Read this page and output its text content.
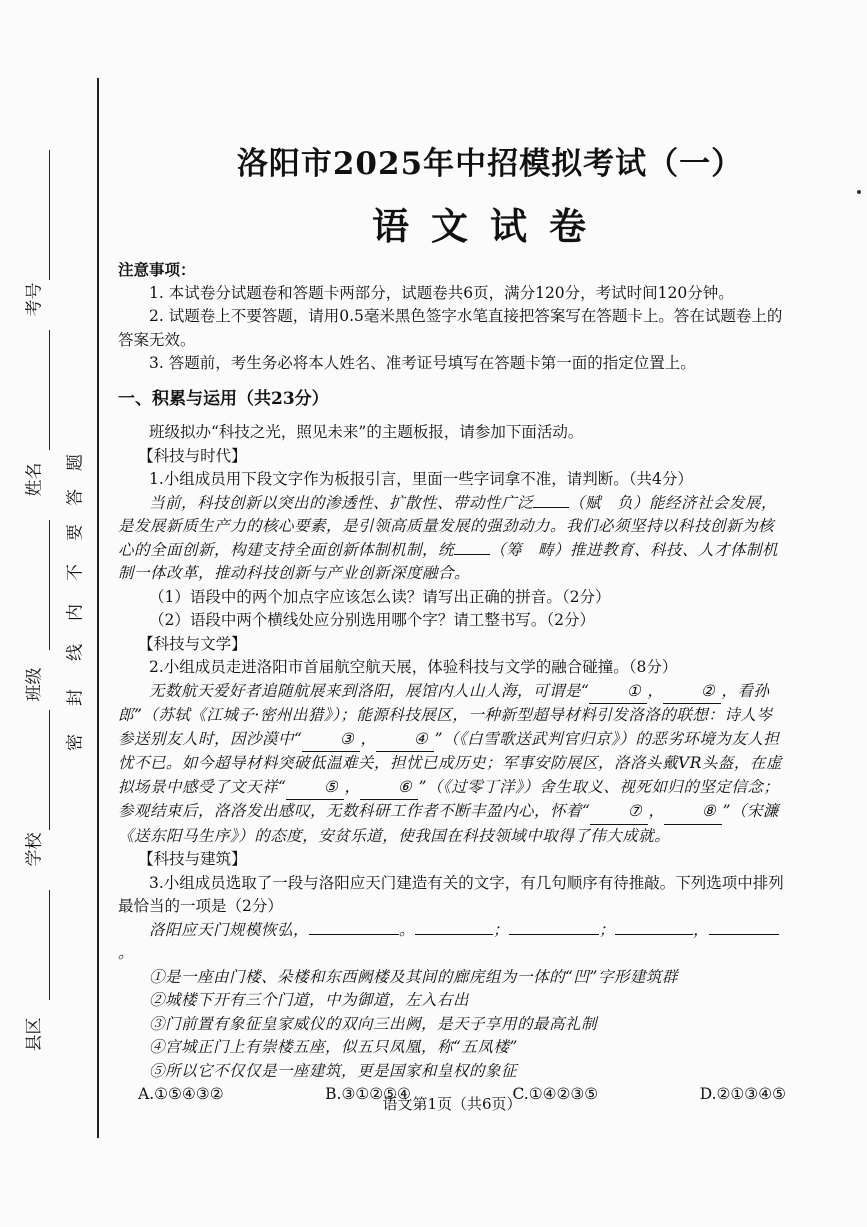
考号
姓名
班级
学校
县区
密
封
线
内
不
要
答
题
洛阳市2025年中招模拟考试（一）
语文试卷

注意事项：

1. 本试卷分试题卷和答题卡两部分，试题卷共6页，满分120分，考试时间120分钟。

2. 试题卷上不要答题，请用0.5毫米黑色签字水笔直接把答案写在答题卡上。答在试题卷上的答案无效。

3. 答题前，考生务必将本人姓名、准考证号填写在答题卡第一面的指定位置上。

一、积累与运用（共23分）

班级拟办“科技之光，照见未来”的主题板报，请参加下面活动。

【科技与时代】

1.小组成员用下段文字作为板报引言，里面一些字词拿不准，请判断。（共4分）

当前，科技创新以突出的渗透性、扩散性、带动性广泛 （赋　负）能经济社会发展，是发展新质生产力的核心要素，是引领高质量发展的强劲动力。我们必须坚持以科技创新为核心的全面创新，构建支持全面创新体制机制，统 （筹　畴）推进教育、科技、人才体制机制一体改革，推动科技创新与产业创新深度融合。

（1）语段中的两个加点字应该怎么读？请写出正确的拼音。（2分）

（2）语段中两个横线处应分别选用哪个字？请工整书写。（2分）

【科技与文学】

2.小组成员走进洛阳市首届航空航天展，体验科技与文学的融合碰撞。（8分）

无数航天爱好者追随航展来到洛阳，展馆内人山人海，可谓是“ ① ， ② ，看孙郎”（苏轼《江城子·密州出猎》）；能源科技展区，一种新型超导材料引发洛洛的联想：诗人岑参送别友人时，因沙漠中“ ③ ， ④ ”（《白雪歌送武判官归京》）的恶劣环境为友人担忧不已。如今超导材料突破低温难关，担忧已成历史；军事安防展区，洛洛头戴VR头盔，在虚拟场景中感受了文天祥“ ⑤ ， ⑥ ”（《过零丁洋》）舍生取义、视死如归的坚定信念；参观结束后，洛洛发出感叹，无数科研工作者不断丰盈内心，怀着“ ⑦ ， ⑧ ”（宋濂《送东阳马生序》）的态度，安贫乐道，使我国在科技领域中取得了伟大成就。

【科技与建筑】

3.小组成员选取了一段与洛阳应天门建造有关的文字，有几句顺序有待推敲。下列选项中排列最恰当的一项是（2分）

洛阳应天门规模恢弘，	。	；	；	，。

①是一座由门楼、朵楼和东西阙楼及其间的廊庑组为一体的“凹”字形建筑群

②城楼下开有三个门道，中为御道，左入右出

③门前置有象征皇家威仪的双向三出阙，是天子享用的最高礼制

④宫城正门上有崇楼五座，似五只凤凰，称“五凤楼”

⑤所以它不仅仅是一座建筑，更是国家和皇权的象征

A.①⑤④③②	B.③①②⑤④	C.①④②③⑤	D.②①③④⑤
语文第1页（共6页）
